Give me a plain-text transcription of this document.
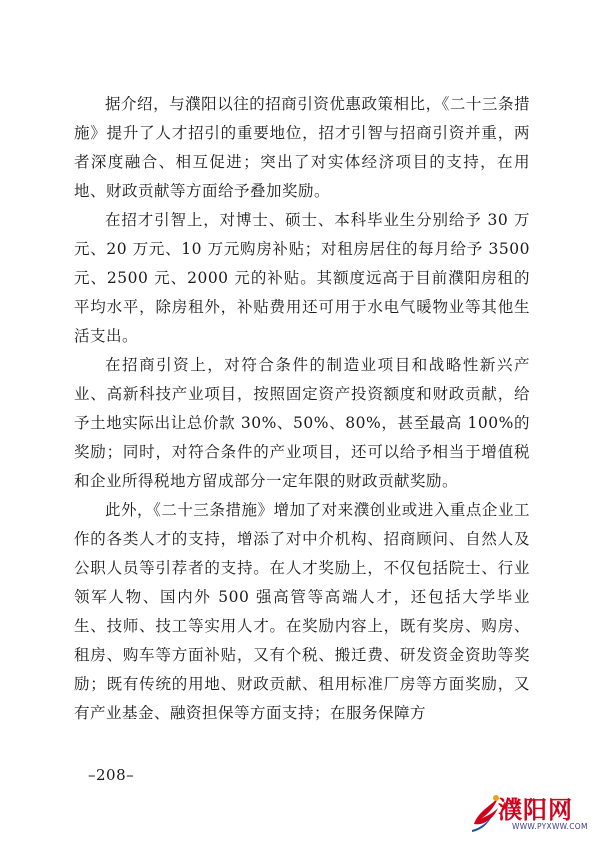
据介绍，与濮阳以往的招商引资优惠政策相比，《二十三条措施》提升了人才招引的重要地位，招才引智与招商引资并重，两者深度融合、相互促进；突出了对实体经济项目的支持，在用地、财政贡献等方面给予叠加奖励。

在招才引智上，对博士、硕士、本科毕业生分别给予 30 万元、20 万元、10 万元购房补贴；对租房居住的每月给予 3500 元、2500 元、2000 元的补贴。其额度远高于目前濮阳房租的平均水平，除房租外，补贴费用还可用于水电气暖物业等其他生活支出。

在招商引资上，对符合条件的制造业项目和战略性新兴产业、高新科技产业项目，按照固定资产投资额度和财政贡献，给予土地实际出让总价款 30%、50%、80%，甚至最高 100%的奖励；同时，对符合条件的产业项目，还可以给予相当于增值税和企业所得税地方留成部分一定年限的财政贡献奖励。

此外，《二十三条措施》增加了对来濮创业或进入重点企业工作的各类人才的支持，增添了对中介机构、招商顾问、自然人及公职人员等引荐者的支持。在人才奖励上，不仅包括院士、行业领军人物、国内外 500 强高管等高端人才，还包括大学毕业生、技师、技工等实用人才。在奖励内容上，既有奖房、购房、租房、购车等方面补贴，又有个税、搬迁费、研发资金资助等奖励；既有传统的用地、财政贡献、租用标准厂房等方面奖励，又有产业基金、融资担保等方面支持；在服务保障方

–208–
濮阳网
WWW.PYXWW.COM
